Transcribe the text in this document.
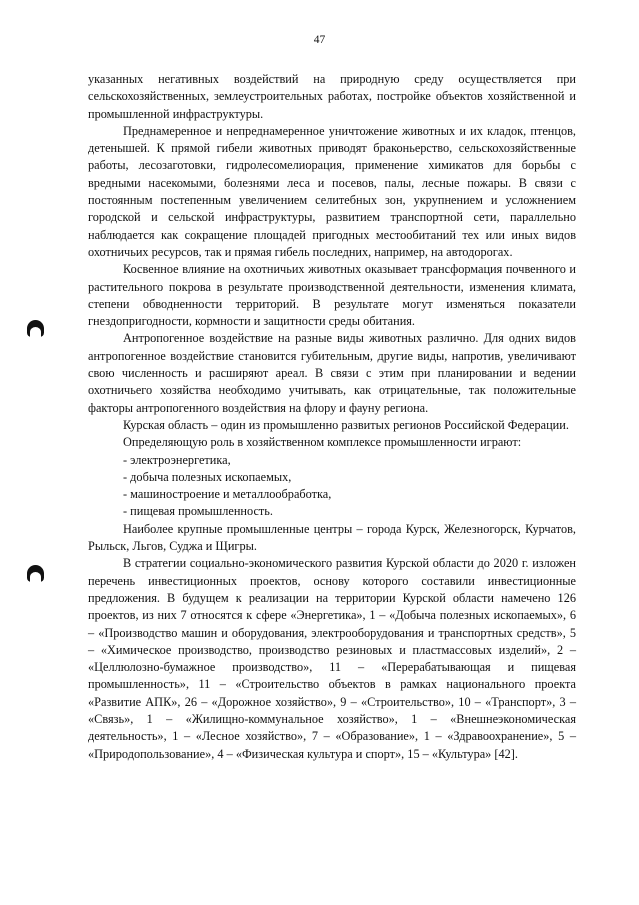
47

указанных негативных воздействий на природную среду осуществляется при сельскохозяйственных, землеустроительных работах, постройке объектов хозяйственной и промышленной инфраструктуры.

Преднамеренное и непреднамеренное уничтожение животных и их кладок, птенцов, детенышей. К прямой гибели животных приводят браконьерство, сельскохозяйственные работы, лесозаготовки, гидролесомелиорация, применение химикатов для борьбы с вредными насекомыми, болезнями леса и посевов, палы, лесные пожары. В связи с постоянным постепенным увеличением селитебных зон, укрупнением и усложнением городской и сельской инфраструктуры, развитием транспортной сети, параллельно наблюдается как сокращение площадей пригодных местообитаний тех или иных видов охотничьих ресурсов, так и прямая гибель последних, например, на автодорогах.

Косвенное влияние на охотничьих животных оказывает трансформация почвенного и растительного покрова в результате производственной деятельности, изменения климата, степени обводненности территорий. В результате могут изменяться показатели гнездопригодности, кормности и защитности среды обитания.

Антропогенное воздействие на разные виды животных различно. Для одних видов антропогенное воздействие становится губительным, другие виды, напротив, увеличивают свою численность и расширяют ареал. В связи с этим при планировании и ведении охотничьего хозяйства необходимо учитывать, как отрицательные, так положительные факторы антропогенного воздействия на флору и фауну региона.

Курская область – один из промышленно развитых регионов Российской Федерации.

Определяющую роль в хозяйственном комплексе промышленности играют:

- электроэнергетика,

- добыча полезных ископаемых,

- машиностроение и металлообработка,

- пищевая промышленность.

Наиболее крупные промышленные центры – города Курск, Железногорск, Курчатов, Рыльск, Льгов, Суджа и Щигры.

В стратегии социально-экономического развития Курской области до 2020 г. изложен перечень инвестиционных проектов, основу которого составили инвестиционные предложения. В будущем к реализации на территории Курской области намечено 126 проектов, из них 7 относятся к сфере «Энергетика», 1 – «Добыча полезных ископаемых», 6 – «Производство машин и оборудования, электрооборудования и транспортных средств», 5 – «Химическое производство, производство резиновых и пластмассовых изделий», 2 – «Целлюлозно-бумажное производство», 11 – «Перерабатывающая и пищевая промышленность», 11 – «Строительство объектов в рамках национального проекта «Развитие АПК», 26 – «Дорожное хозяйство», 9 – «Строительство», 10 – «Транспорт», 3 – «Связь», 1 – «Жилищно-коммунальное хозяйство», 1 – «Внешнеэкономическая деятельность», 1 – «Лесное хозяйство», 7 – «Образование», 1 – «Здравоохранение», 5 – «Природопользование», 4 – «Физическая культура и спорт», 15 – «Культура» [42].
